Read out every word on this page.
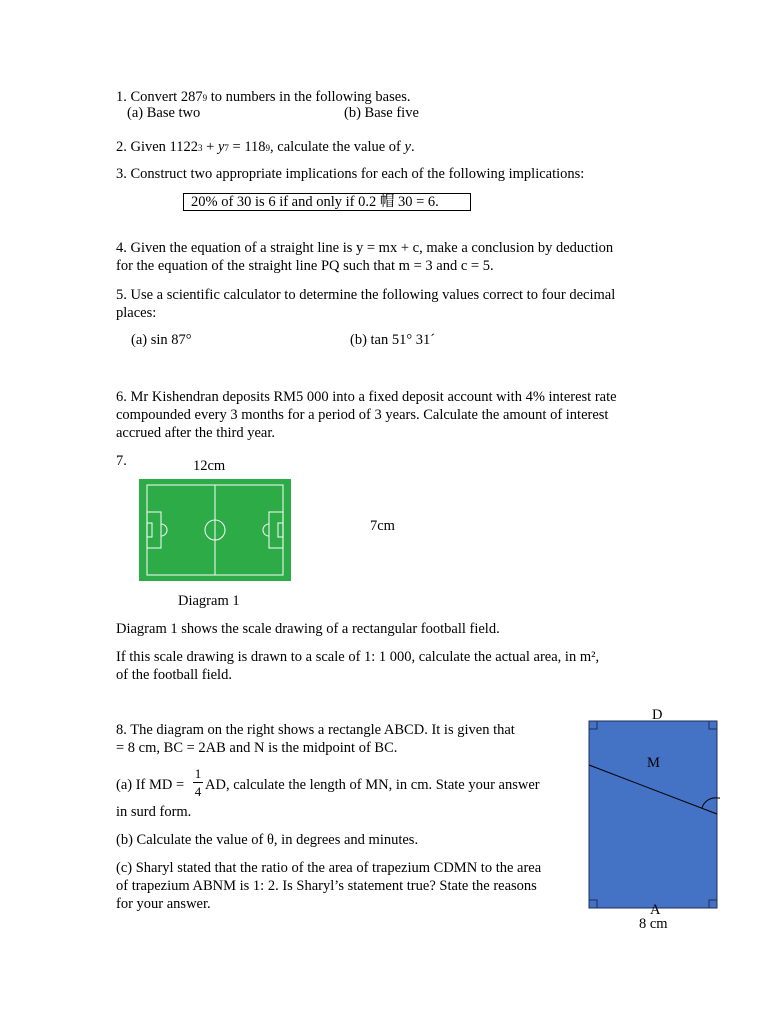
1. Convert 2879 to numbers in the following bases.
(a) Base two	(b) Base five
2. Given 11223 + y7 = 1189, calculate the value of y.
3. Construct two appropriate implications for each of the following implications:
20% of 30 is 6 if and only if 0.2 帽 30 = 6.
4. Given the equation of a straight line is y = mx + c, make a conclusion by deduction
for the equation of the straight line PQ such that m = 3 and c = 5.
5. Use a scientific calculator to determine the following values correct to four decimal
places:
(a) sin 87°	(b) tan 51° 31´
6. Mr Kishendran deposits RM5 000 into a fixed deposit account with 4% interest rate
compounded every 3 months for a period of 3 years. Calculate the amount of interest
accrued after the third year.
7.	12cm
7cm
Diagram 1
Diagram 1 shows the scale drawing of a rectangular football field.
If this scale drawing is drawn to a scale of 1: 1 000, calculate the actual area, in m²,
of the football field.
8. The diagram on the right shows a rectangle ABCD. It is given that
= 8 cm, BC = 2AB and N is the midpoint of BC.
(a) If MD =
1
4 AD, calculate the length of MN, in cm. State your answer
in surd form.
(b) Calculate the value of θ, in degrees and minutes.
(c) Sharyl stated that the ratio of the area of trapezium CDMN to the area
of trapezium ABNM is 1: 2. Is Sharyl’s statement true? State the reasons
for your answer.
D
M
A
8 cm
